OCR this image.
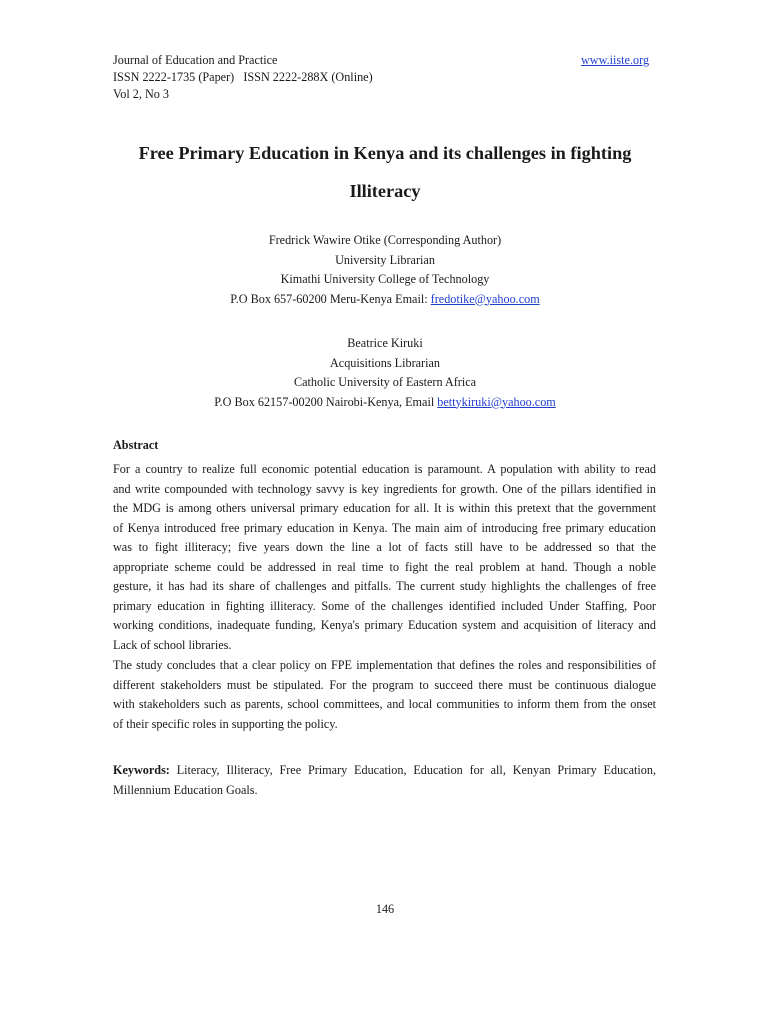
Journal of Education and Practice
ISSN 2222-1735 (Paper)   ISSN 2222-288X (Online)
Vol 2, No 3
www.iiste.org
Free Primary Education in Kenya and its challenges in fighting
Illiteracy
Fredrick Wawire Otike (Corresponding Author)
University Librarian
Kimathi University College of Technology
P.O Box 657-60200 Meru-Kenya Email: fredotike@yahoo.com
Beatrice Kiruki
Acquisitions Librarian
Catholic University of Eastern Africa
P.O Box 62157-00200 Nairobi-Kenya, Email bettykiruki@yahoo.com
Abstract
For a country to realize full economic potential education is paramount. A population with ability to read
and write compounded with technology savvy is key ingredients for growth. One of the pillars identified in
the MDG is among others universal primary education for all. It is within this pretext that the government
of Kenya introduced free primary education in Kenya. The main aim of introducing free primary education
was to fight illiteracy; five years down the line a lot of facts still have to be addressed so that the
appropriate scheme could be addressed in real time to fight the real problem at hand. Though a noble
gesture, it has had its share of challenges and pitfalls. The current study highlights the challenges of free
primary education in fighting illiteracy. Some of the challenges identified included Under Staffing, Poor
working conditions, inadequate funding, Kenya's primary Education system and acquisition of literacy and
Lack of school libraries.
The study concludes that a clear policy on FPE implementation that defines the roles and responsibilities of
different stakeholders must be stipulated. For the program to succeed there must be continuous dialogue
with stakeholders such as parents, school committees, and local communities to inform them from the onset
of their specific roles in supporting the policy.
Keywords: Literacy, Illiteracy, Free Primary Education, Education for all, Kenyan Primary Education,
Millennium Education Goals.
146
